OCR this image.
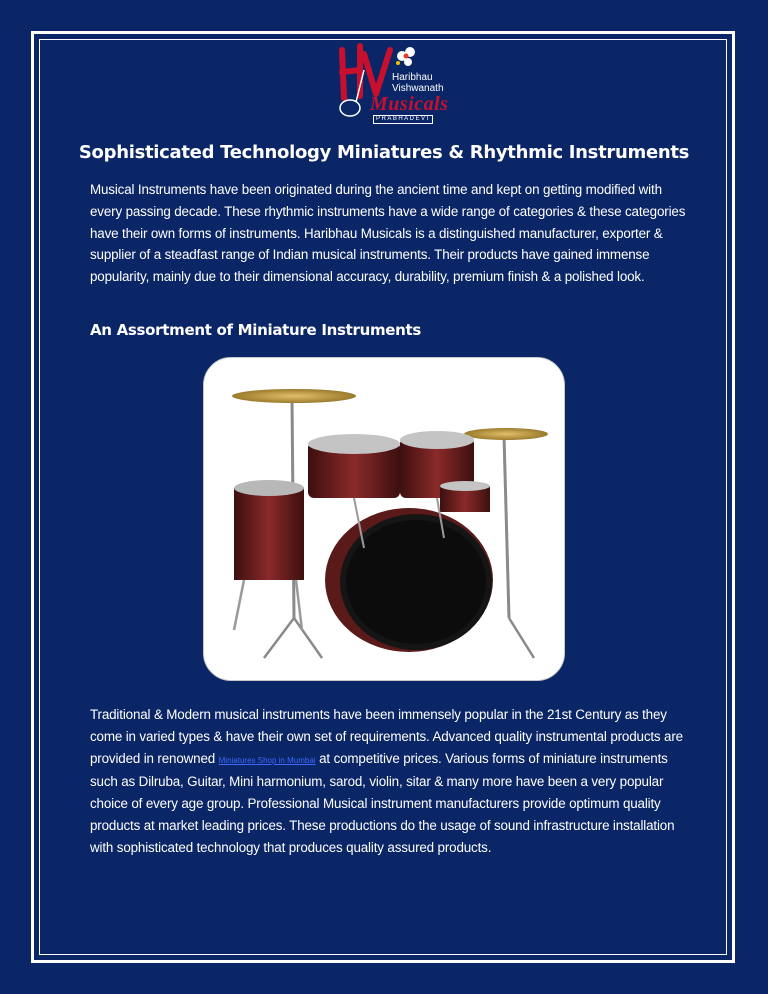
Haribhau
Vishwanath
Musicals
PRABHADEVI
Sophisticated Technology Miniatures & Rhythmic Instruments
Musical Instruments have been originated during the ancient time and kept on getting modified with every passing decade. These rhythmic instruments have a wide range of categories & these categories have their own forms of instruments. Haribhau Musicals is a distinguished manufacturer, exporter & supplier of a steadfast range of Indian musical instruments. Their products have gained immense popularity, mainly due to their dimensional accuracy, durability, premium finish & a polished look.
An Assortment of Miniature Instruments
Traditional & Modern musical instruments have been immensely popular in the 21st Century as they come in varied types & have their own set of requirements. Advanced quality instrumental products are provided in renowned Miniatures Shop in Mumbai at competitive prices. Various forms of miniature instruments such as Dilruba, Guitar, Mini harmonium, sarod, violin, sitar & many more have been a very popular choice of every age group. Professional Musical instrument manufacturers provide optimum quality products at market leading prices. These productions do the usage of sound infrastructure installation with sophisticated technology that produces quality assured products.
